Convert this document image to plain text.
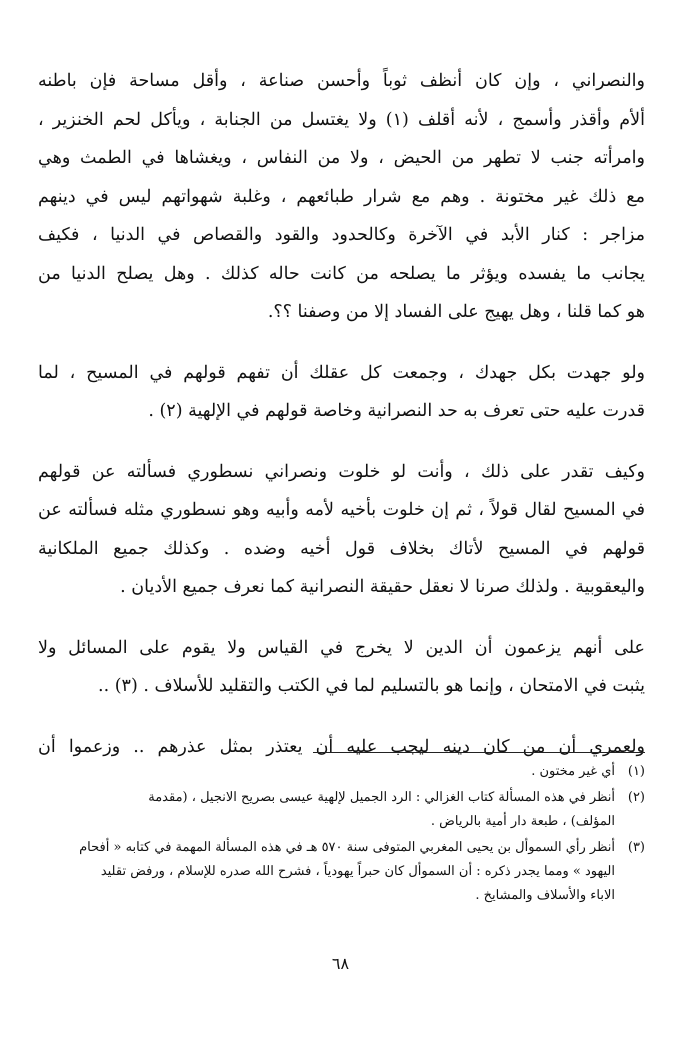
والنصراني ، وإن كان أنظف ثوباً وأحسن صناعة ، وأقل مساحة فإن باطنه
ألأم وأقذر وأسمج ، لأنه أقلف (١) ولا يغتسل من الجنابة ، ويأكل لحم الخنزير ،
وامرأته جنب لا تطهر من الحيض ، ولا من النفاس ، ويغشاها في الطمث وهي
مع ذلك غير مختونة . وهم مع شرار طبائعهم ، وغلبة شهواتهم ليس في دينهم
مزاجر : كنار الأبد في الآخرة وكالحدود والقود والقصاص في الدنيا ، فكيف
يجانب ما يفسده ويؤثر ما يصلحه من كانت حاله كذلك . وهل يصلح الدنيا من
هو كما قلنا ، وهل يهيج على الفساد إلا من وصفنا ؟؟.

ولو جهدت بكل جهدك ، وجمعت كل عقلك أن تفهم قولهم في المسيح ، لما
قدرت عليه حتى تعرف به حد النصرانية وخاصة قولهم في الإلهية (٢) .

وكيف تقدر على ذلك ، وأنت لو خلوت ونصراني نسطوري فسألته عن قولهم
في المسيح لقال قولاً ، ثم إن خلوت بأخيه لأمه وأبيه وهو نسطوري مثله فسألته عن
قولهم في المسيح لأتاك بخلاف قول أخيه وضده . وكذلك جميع الملكانية
واليعقوبية . ولذلك صرنا لا نعقل حقيقة النصرانية كما نعرف جميع الأديان .

على أنهم يزعمون أن الدين لا يخرج في القياس ولا يقوم على المسائل ولا
يثبت في الامتحان ، وإنما هو بالتسليم لما في الكتب والتقليد للأسلاف . (٣) ..

ولعمري أن من كان دينه ليجب عليه أن يعتذر بمثل عذرهم .. وزعموا أن

(١)
أي غير مختون .
(٢)
أنظر في هذه المسألة كتاب الغزالي : الرد الجميل لإلهية عيسى بصريح الانجيل ، (مقدمة
المؤلف) ، طبعة دار أمية بالرياض .
(٣)
أنظر رأي السموأل بن يحيى المغربي المتوفى سنة ٥٧٠ هـ في هذه المسألة المهمة في كتابه « أفحام
اليهود » ومما يجدر ذكره : أن السموأل كان حبراً يهودياً ، فشرح الله صدره للإسلام ، ورفض تقليد
الاباء والأسلاف والمشايخ .
٦٨
